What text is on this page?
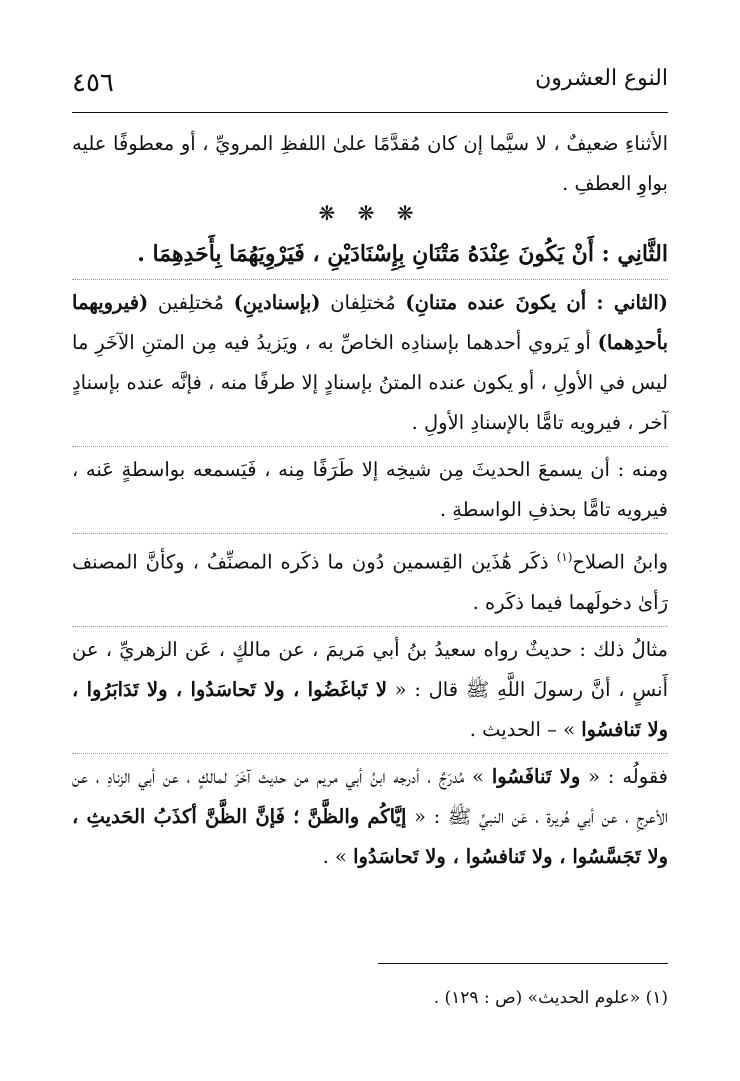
٤٥٦	النوع العشرون

الأثناءِ ضعيفٌ ، لا سيَّما إن كان مُقدَّمًا علىٰ اللفظِ المرويِّ ، أو معطوفًا عليه بواوِ العطفِ .

❋ ❋ ❋

الثَّانِي : أَنْ يَكُونَ عِنْدَهُ مَتْنَانِ بِإِسْنَادَيْنِ ، فَيَرْوِيَهُمَا بِأَحَدِهِمَا .

(الثاني : أن يكونَ عنده متنانِ) مُختلِفان (بإسنادينِ) مُختلِفين (فيرويهما بأحدِهما) أو يَروي أحدهما بإسنادِه الخاصِّ به ، ويَزيدُ فيه مِن المتنِ الآخَرِ ما ليس في الأولِ ، أو يكون عنده المتنُ بإسنادٍ إلا طرفًا منه ، فإنَّه عنده بإسنادٍ آخر ، فيرويه تامًّا بالإسنادِ الأولِ .

ومنه : أن يسمعَ الحديثَ مِن شيخِه إلا طَرَفًا مِنه ، فَيَسمعه بواسطةٍ عَنه ، فيرويه تامًّا بحذفِ الواسطةِ .

وابنُ الصلاح$^{(١)}$ ذكَر هَٰذَين القِسمين دُون ما ذكَره المصنِّفُ ، وكأنَّ المصنف رَأىٰ دخولَهما فيما ذكَره .

مثالُ ذلك : حديثٌ رواه سعيدُ بنُ أبي مَريمَ ، عن مالكٍ ، عَن الزهريِّ ، عن أَنسٍ ، أنَّ رسولَ اللَّهِ ﷺ قال : « لا تَباغَضُوا ، ولا تَحاسَدُوا ، ولا تَدَابَرُوا ، ولا تَنافسُوا » – الحديث .

فقولُه : « ولا تَنافَسُوا » مُدرَجٌ ، أدرجه ابنُ أبي مريم من حديث آخَرَ لمالكٍ ، عن أبي الزنادِ ، عن الأعرجِ ، عن أبي هُريرة ، عَن النبيِّ ﷺ : « إيَّاكُم والظَّنَّ ؛ فَإنَّ الظَّنَّ أكذَبُ الحَديثِ ، ولا تَجَسَّسُوا ، ولا تَنافسُوا ، ولا تَحاسَدُوا » .

(١) «علوم الحديث» (ص : ١٢٩) .
